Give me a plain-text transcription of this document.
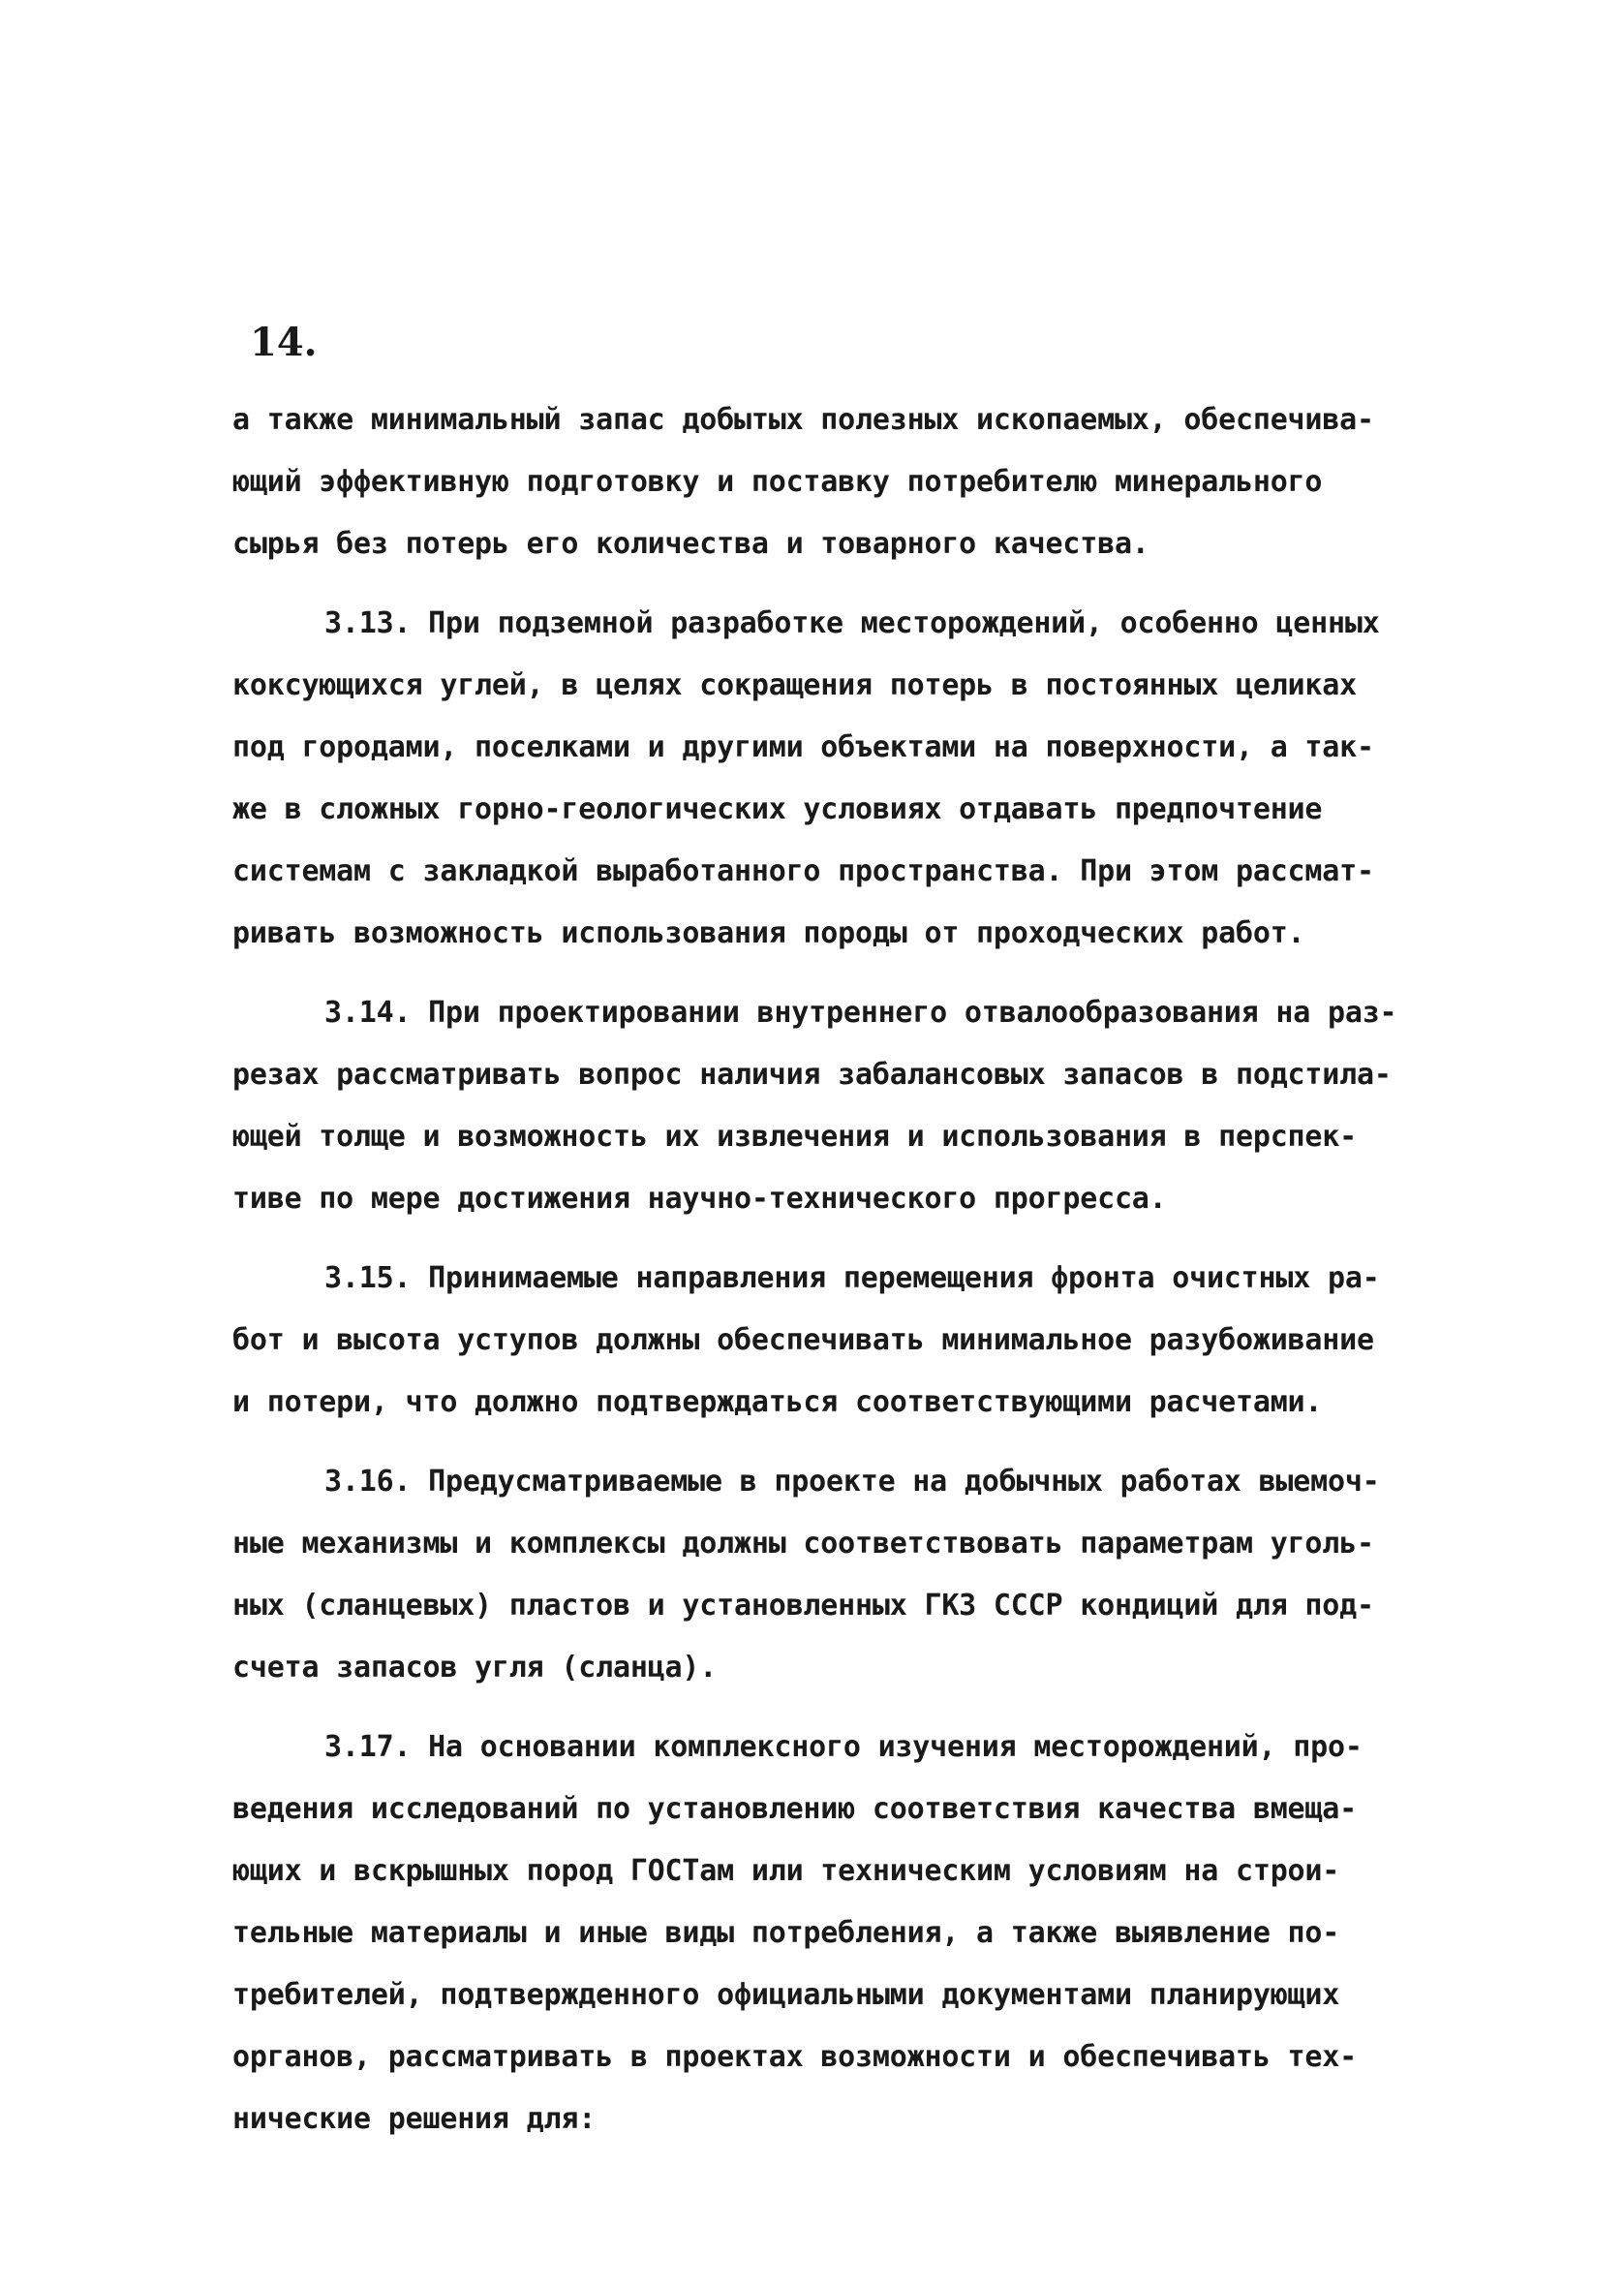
14.
а также минимальный запас добытых полезных ископаемых, обеспечива-
ющий эффективную подготовку и поставку потребителю минерального
сырья без потерь его количества и товарного качества.
3.13. При подземной разработке месторождений, особенно ценных
коксующихся углей, в целях сокращения потерь в постоянных целиках
под городами, поселками и другими объектами на поверхности, а так-
же в сложных горно-геологических условиях отдавать предпочтение
системам с закладкой выработанного пространства. При этом рассмат-
ривать возможность использования породы от проходческих работ.
3.14. При проектировании внутреннего отвалообразования на раз-
резах рассматривать вопрос наличия забалансовых запасов в подстила-
ющей толще и возможность их извлечения и использования в перспек-
тиве по мере достижения научно-технического прогресса.
3.15. Принимаемые направления перемещения фронта очистных ра-
бот и высота уступов должны обеспечивать минимальное разубоживание
и потери, что должно подтверждаться соответствующими расчетами.
3.16. Предусматриваемые в проекте на добычных работах выемоч-
ные механизмы и комплексы должны соответствовать параметрам уголь-
ных (сланцевых) пластов и установленных ГКЗ СССР кондиций для под-
счета запасов угля (сланца).
3.17. На основании комплексного изучения месторождений, про-
ведения исследований по установлению соответствия качества вмеща-
ющих и вскрышных пород ГОСТам или техническим условиям на строи-
тельные материалы и иные виды потребления, а также выявление по-
требителей, подтвержденного официальными документами планирующих
органов, рассматривать в проектах возможности и обеспечивать тех-
нические решения для:
